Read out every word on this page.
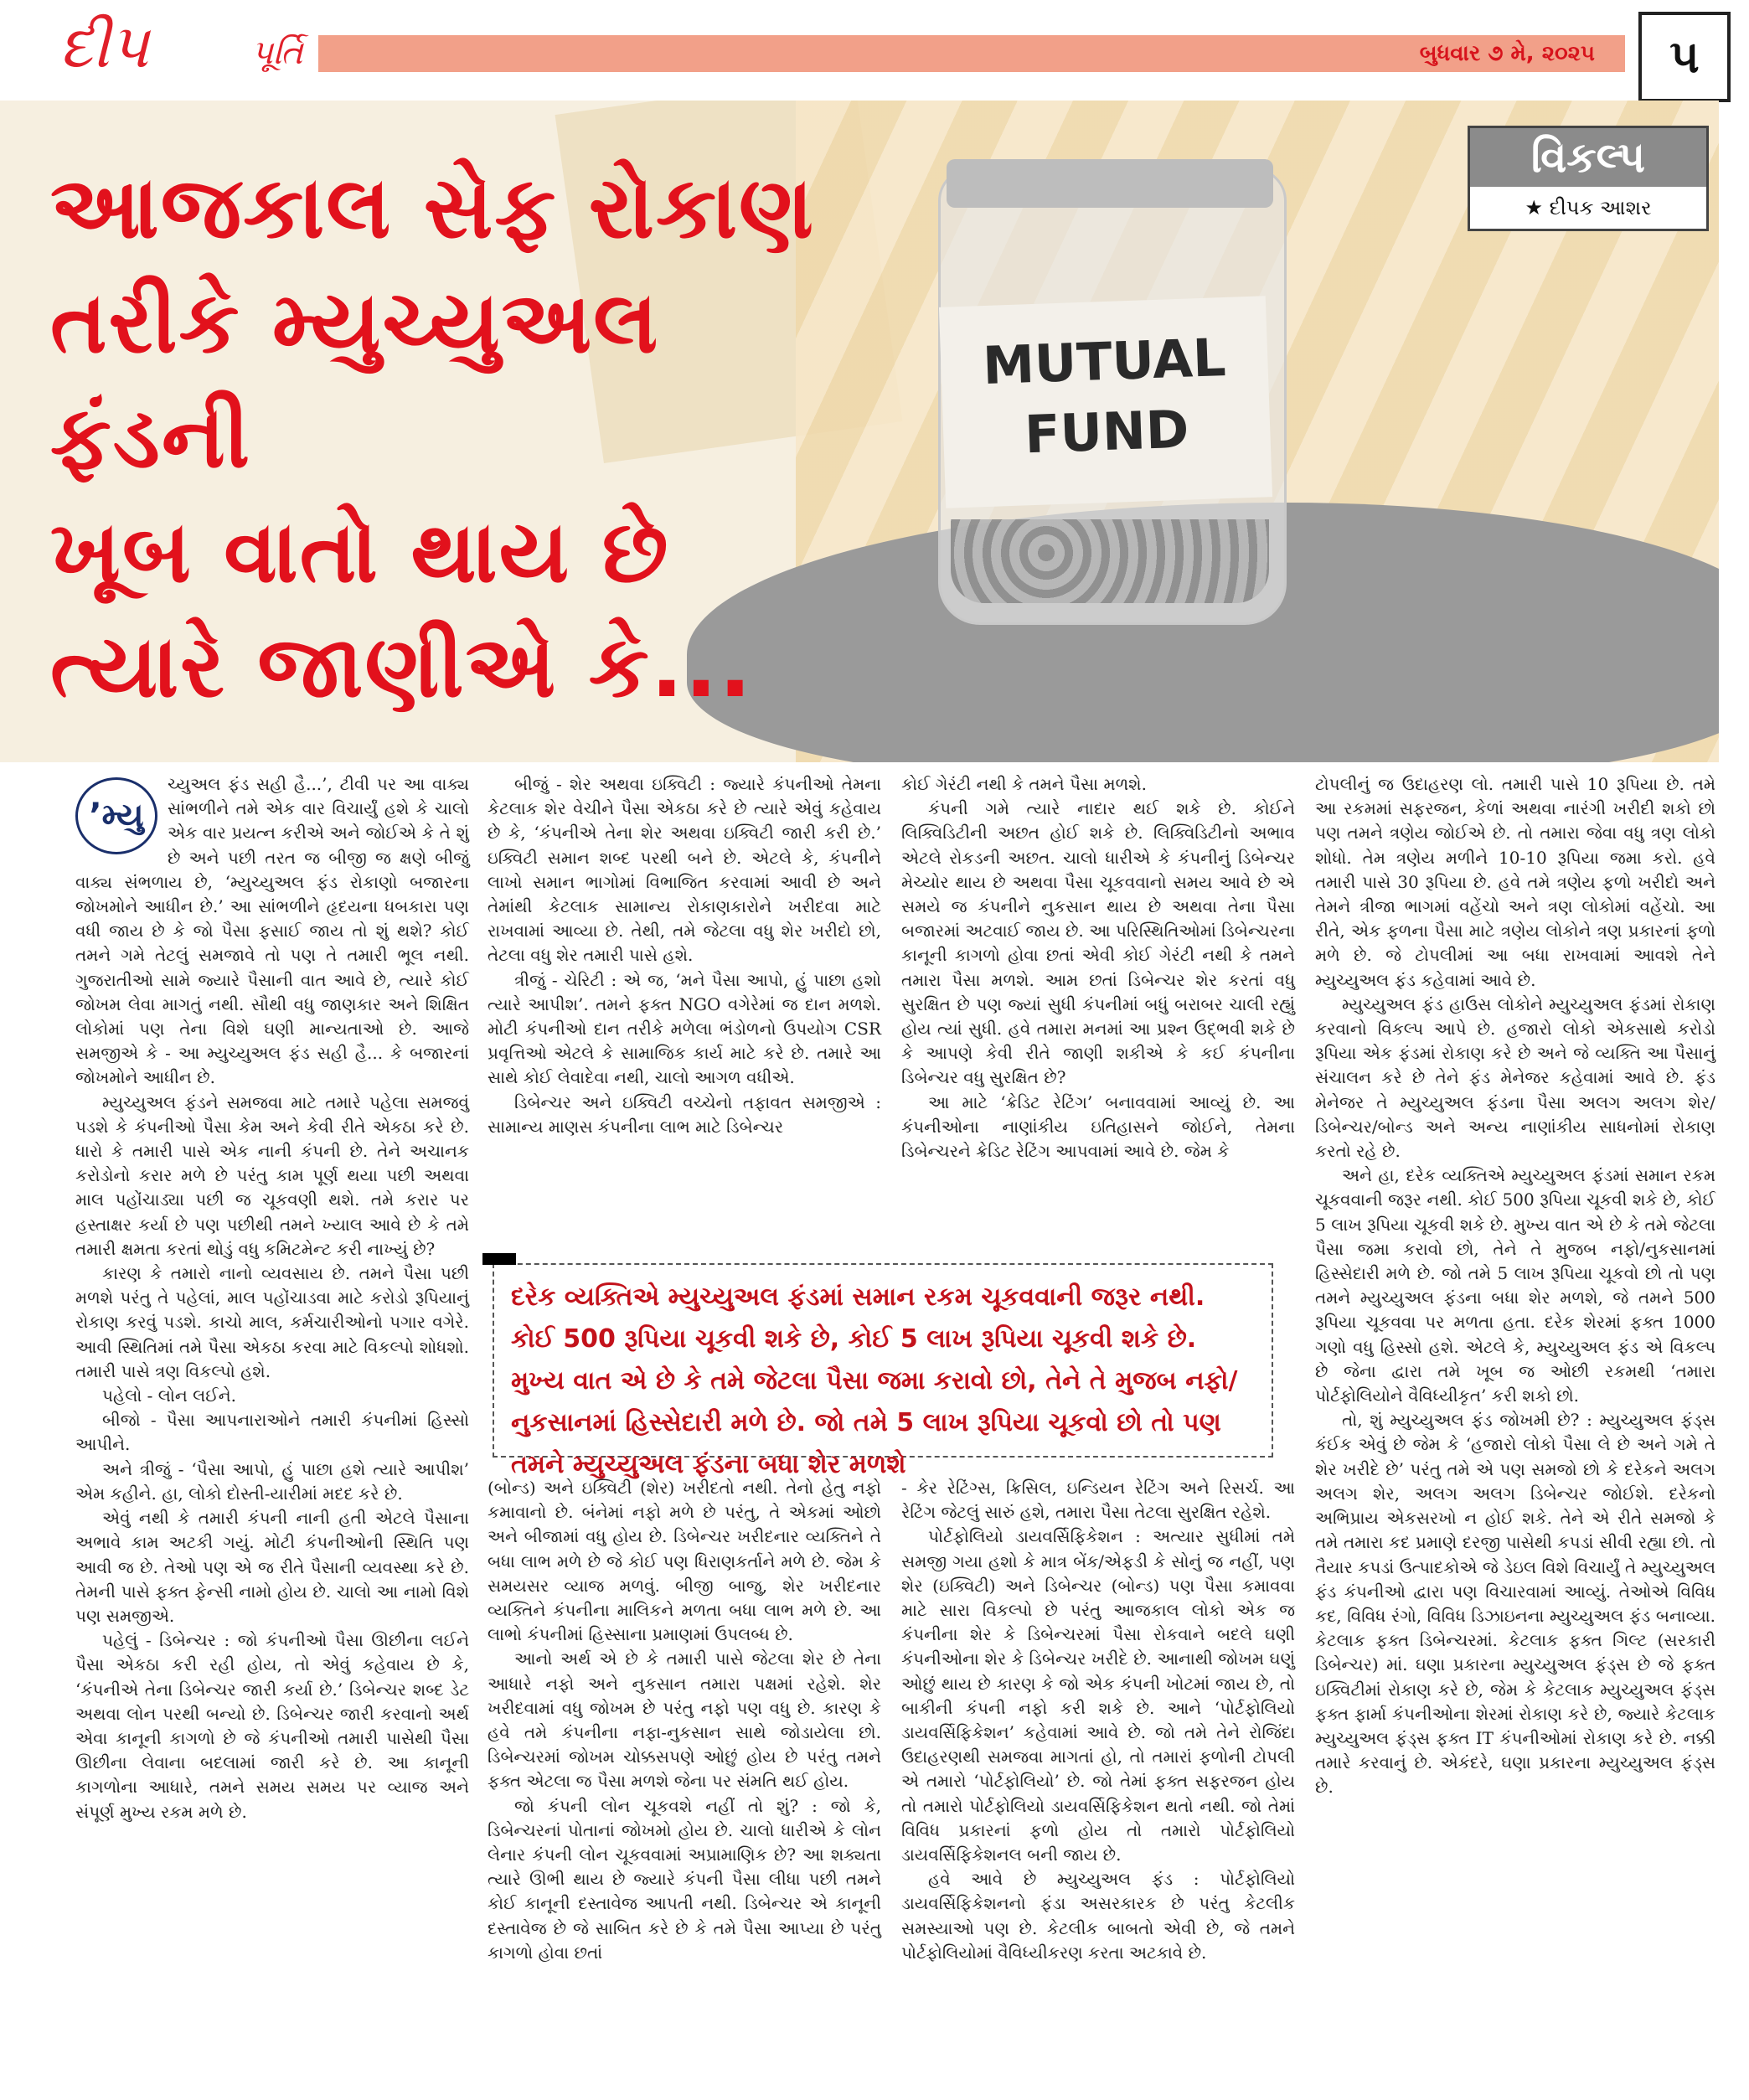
દીપ	પૂર્તિ	બુધવાર ૭ મે, ૨૦૨૫	૫
MUTUAL
FUND
આજકાલ સેફ રોકાણ
તરીકે મ્યુચ્યુઅલ ફંડની
ખૂબ વાતો થાય છે
ત્યારે જાણીએ કે...
વિકલ્પ
★ દીપક આશર
’મ્યુ

ચ્યુઅલ ફંડ સહી હૈ...’, ટીવી પર આ વાક્ય સાંભળીને તમે એક વાર વિચાર્યું હશે કે ચાલો એક વાર પ્રયત્ન કરીએ અને જોઈએ કે તે શું છે અને પછી તરત જ બીજી જ ક્ષણે બીજું વાક્ય સંભળાય છે, ‘મ્યુચ્યુઅલ ફંડ રોકાણો બજારના જોખમોને આધીન છે.’ આ સાંભળીને હૃદયના ધબકારા પણ વધી જાય છે કે જો પૈસા ફસાઈ જાય તો શું થશે? કોઈ તમને ગમે તેટલું સમજાવે તો પણ તે તમારી ભૂલ નથી. ગુજરાતીઓ સામે જ્યારે પૈસાની વાત આવે છે, ત્યારે કોઈ જોખમ લેવા માગતું નથી. સૌથી વધુ જાણકાર અને શિક્ષિત લોકોમાં પણ તેના વિશે ઘણી માન્યતાઓ છે. આજે સમજીએ કે - આ મ્યુચ્યુઅલ ફંડ સહી હૈ... કે બજારનાં જોખમોને આધીન છે.

મ્યુચ્યુઅલ ફંડને સમજવા માટે તમારે પહેલા સમજવું પડશે કે કંપનીઓ પૈસા કેમ અને કેવી રીતે એકઠા કરે છે. ધારો કે તમારી પાસે એક નાની કંપની છે. તેને અચાનક કરોડોનો કરાર મળે છે પરંતુ કામ પૂર્ણ થયા પછી અથવા માલ પહોંચાડ્યા પછી જ ચૂકવણી થશે. તમે કરાર પર હસ્તાક્ષર કર્યા છે પણ પછીથી તમને ખ્યાલ આવે છે કે તમે તમારી ક્ષમતા કરતાં થોડું વધુ કમિટમેન્ટ કરી નાખ્યું છે?

કારણ કે તમારો નાનો વ્યવસાય છે. તમને પૈસા પછી મળશે પરંતુ તે પહેલાં, માલ પહોંચાડવા માટે કરોડો રૂપિયાનું રોકાણ કરવું પડશે. કાચો માલ, કર્મચારીઓનો પગાર વગેરે. આવી સ્થિતિમાં તમે પૈસા એકઠા કરવા માટે વિકલ્પો શોધશો. તમારી પાસે ત્રણ વિકલ્પો હશે.

પહેલો - લોન લઈને.

બીજો - પૈસા આપનારાઓને તમારી કંપનીમાં હિસ્સો આપીને.

અને ત્રીજું - ‘પૈસા આપો, હું પાછા હશે ત્યારે આપીશ’ એમ કહીને. હા, લોકો દોસ્તી-યારીમાં મદદ કરે છે.

એવું નથી કે તમારી કંપની નાની હતી એટલે પૈસાના અભાવે કામ અટકી ગયું. મોટી કંપનીઓની સ્થિતિ પણ આવી જ છે. તેઓ પણ એ જ રીતે પૈસાની વ્યવસ્થા કરે છે. તેમની પાસે ફક્ત ફેન્સી નામો હોય છે. ચાલો આ નામો વિશે પણ સમજીએ.

પહેલું - ડિબેન્ચર : જો કંપનીઓ પૈસા ઊછીના લઈને પૈસા એકઠા કરી રહી હોય, તો એવું કહેવાય છે કે, ‘કંપનીએ તેના ડિબેન્ચર જારી કર્યા છે.’ ડિબેન્ચર શબ્દ ડેટ અથવા લોન પરથી બન્યો છે. ડિબેન્ચર જારી કરવાનો અર્થ એવા કાનૂની કાગળો છે જે કંપનીઓ તમારી પાસેથી પૈસા ઊછીના લેવાના બદલામાં જારી કરે છે. આ કાનૂની કાગળોના આધારે, તમને સમય સમય પર વ્યાજ અને સંપૂર્ણ મુખ્ય રકમ મળે છે.

બીજું - શેર અથવા ઇક્વિટી : જ્યારે કંપનીઓ તેમના કેટલાક શેર વેચીને પૈસા એકઠા કરે છે ત્યારે એવું કહેવાય છે કે, ‘કંપનીએ તેના શેર અથવા ઇક્વિટી જારી કરી છે.’ ઇક્વિટી સમાન શબ્દ પરથી બને છે. એટલે કે, કંપનીને લાખો સમાન ભાગોમાં વિભાજિત કરવામાં આવી છે અને તેમાંથી કેટલાક સામાન્ય રોકાણકારોને ખરીદવા માટે રાખવામાં આવ્યા છે. તેથી, તમે જેટલા વધુ શેર ખરીદો છો, તેટલા વધુ શેર તમારી પાસે હશે.

ત્રીજું - ચેરિટી : એ જ, ‘મને પૈસા આપો, હું પાછા હશો ત્યારે આપીશ’. તમને ફક્ત NGO વગેરેમાં જ દાન મળશે. મોટી કંપનીઓ દાન તરીકે મળેલા ભંડોળનો ઉપયોગ CSR પ્રવૃત્તિઓ એટલે કે સામાજિક કાર્ય માટે કરે છે. તમારે આ સાથે કોઈ લેવાદેવા નથી, ચાલો આગળ વધીએ.

ડિબેન્ચર અને ઇક્વિટી વચ્ચેનો તફાવત સમજીએ : સામાન્ય માણસ કંપનીના લાભ માટે ડિબેન્ચર

કોઈ ગેરંટી નથી કે તમને પૈસા મળશે.

કંપની ગમે ત્યારે નાદાર થઈ શકે છે. કોઈને લિક્વિડિટીની અછત હોઈ શકે છે. લિક્વિડિટીનો અભાવ એટલે રોકડની અછત. ચાલો ધારીએ કે કંપનીનું ડિબેન્ચર મેચ્યોર થાય છે અથવા પૈસા ચૂકવવાનો સમય આવે છે એ સમયે જ કંપનીને નુકસાન થાય છે અથવા તેના પૈસા બજારમાં અટવાઈ જાય છે. આ પરિસ્થિતિઓમાં ડિબેન્ચરના કાનૂની કાગળો હોવા છતાં એવી કોઈ ગેરંટી નથી કે તમને તમારા પૈસા મળશે. આમ છતાં ડિબેન્ચર શેર કરતાં વધુ સુરક્ષિત છે પણ જ્યાં સુધી કંપનીમાં બધું બરાબર ચાલી રહ્યું હોય ત્યાં સુધી. હવે તમારા મનમાં આ પ્રશ્ન ઉદ્ભવી શકે છે કે આપણે કેવી રીતે જાણી શકીએ કે કઈ કંપનીના ડિબેન્ચર વધુ સુરક્ષિત છે?

આ માટે ‘ક્રેડિટ રેટિંગ’ બનાવવામાં આવ્યું છે. આ કંપનીઓના નાણાંકીય ઇતિહાસને જોઈને, તેમના ડિબેન્ચરને ક્રેડિટ રેટિંગ આપવામાં આવે છે. જેમ કે

દરેક વ્યક્તિએ મ્યુચ્યુઅલ ફંડમાં સમાન રકમ ચૂકવવાની જરૂર નથી. કોઈ 500 રૂપિયા ચૂકવી શકે છે, કોઈ 5 લાખ રૂપિયા ચૂકવી શકે છે. મુખ્ય વાત એ છે કે તમે જેટલા પૈસા જમા કરાવો છો, તેને તે મુજબ નફો/નુકસાનમાં હિસ્સેદારી મળે છે. જો તમે 5 લાખ રૂપિયા ચૂકવો છો તો પણ તમને મ્યુચ્યુઅલ ફંડના બધા શેર મળશે

(બોન્ડ) અને ઇક્વિટી (શેર) ખરીદતો નથી. તેનો હેતુ નફો કમાવાનો છે. બંનેમાં નફો મળે છે પરંતુ, તે એકમાં ઓછો અને બીજામાં વધુ હોય છે. ડિબેન્ચર ખરીદનાર વ્યક્તિને તે બધા લાભ મળે છે જે કોઈ પણ ધિરાણકર્તાને મળે છે. જેમ કે સમયસર વ્યાજ મળવું. બીજી બાજુ, શેર ખરીદનાર વ્યક્તિને કંપનીના માલિકને મળતા બધા લાભ મળે છે. આ લાભો કંપનીમાં હિસ્સાના પ્રમાણમાં ઉપલબ્ધ છે.

આનો અર્થ એ છે કે તમારી પાસે જેટલા શેર છે તેના આધારે નફો અને નુકસાન તમારા પક્ષમાં રહેશે. શેર ખરીદવામાં વધુ જોખમ છે પરંતુ નફો પણ વધુ છે. કારણ કે હવે તમે કંપનીના નફા-નુકસાન સાથે જોડાયેલા છો. ડિબેન્ચરમાં જોખમ ચોક્કસપણે ઓછું હોય છે પરંતુ તમને ફક્ત એટલા જ પૈસા મળશે જેના પર સંમતિ થઈ હોય.

જો કંપની લોન ચૂકવશે નહીં તો શું? : જો કે, ડિબેન્ચરનાં પોતાનાં જોખમો હોય છે. ચાલો ધારીએ કે લોન લેનાર કંપની લોન ચૂકવવામાં અપ્રામાણિક છે? આ શક્યતા ત્યારે ઊભી થાય છે જ્યારે કંપની પૈસા લીધા પછી તમને કોઈ કાનૂની દસ્તાવેજ આપતી નથી. ડિબેન્ચર એ કાનૂની દસ્તાવેજ છે જે સાબિત કરે છે કે તમે પૈસા આપ્યા છે પરંતુ કાગળો હોવા છતાં

- કેર રેટિંગ્સ, ક્રિસિલ, ઇન્ડિયન રેટિંગ અને રિસર્ચ. આ રેટિંગ જેટલું સારું હશે, તમારા પૈસા તેટલા સુરક્ષિત રહેશે.

પોર્ટફોલિયો ડાયવર્સિફિકેશન : અત્યાર સુધીમાં તમે સમજી ગયા હશો કે માત્ર બેંક/એફડી કે સોનું જ નહીં, પણ શેર (ઇક્વિટી) અને ડિબેન્ચર (બોન્ડ) પણ પૈસા કમાવવા માટે સારા વિકલ્પો છે પરંતુ આજકાલ લોકો એક જ કંપનીના શેર કે ડિબેન્ચરમાં પૈસા રોકવાને બદલે ઘણી કંપનીઓના શેર કે ડિબેન્ચર ખરીદે છે. આનાથી જોખમ ઘણું ઓછું થાય છે કારણ કે જો એક કંપની ખોટમાં જાય છે, તો બાકીની કંપની નફો કરી શકે છે. આને ‘પોર્ટફોલિયો ડાયવર્સિફિકેશન’ કહેવામાં આવે છે. જો તમે તેને રોજિંદા ઉદાહરણથી સમજવા માગતાં હો, તો તમારાં ફળોની ટોપલી એ તમારો ‘પોર્ટફોલિયો’ છે. જો તેમાં ફક્ત સફરજન હોય તો તમારો પોર્ટફોલિયો ડાયવર્સિફિકેશન થતો નથી. જો તેમાં વિવિધ પ્રકારનાં ફળો હોય તો તમારો પોર્ટફોલિયો ડાયવર્સિફિકેશનલ બની જાય છે.

હવે આવે છે મ્યુચ્યુઅલ ફંડ : પોર્ટફોલિયો ડાયવર્સિફિકેશનનો ફંડા અસરકારક છે પરંતુ કેટલીક સમસ્યાઓ પણ છે. કેટલીક બાબતો એવી છે, જે તમને પોર્ટફોલિયોમાં વૈવિધ્યીકરણ કરતા અટકાવે છે.

ટોપલીનું જ ઉદાહરણ લો. તમારી પાસે 10 રૂપિયા છે. તમે આ રકમમાં સફરજન, કેળાં અથવા નારંગી ખરીદી શકો છો પણ તમને ત્રણેય જોઈએ છે. તો તમારા જેવા વધુ ત્રણ લોકો શોધો. તેમ ત્રણેય મળીને 10-10 રૂપિયા જમા કરો. હવે તમારી પાસે 30 રૂપિયા છે. હવે તમે ત્રણેય ફળો ખરીદો અને તેમને ત્રીજા ભાગમાં વહેંચો અને ત્રણ લોકોમાં વહેંચો. આ રીતે, એક ફળના પૈસા માટે ત્રણેય લોકોને ત્રણ પ્રકારનાં ફળો મળે છે. જે ટોપલીમાં આ બધા રાખવામાં આવશે તેને મ્યુચ્યુઅલ ફંડ કહેવામાં આવે છે.

મ્યુચ્યુઅલ ફંડ હાઉસ લોકોને મ્યુચ્યુઅલ ફંડમાં રોકાણ કરવાનો વિકલ્પ આપે છે. હજારો લોકો એકસાથે કરોડો રૂપિયા એક ફંડમાં રોકાણ કરે છે અને જે વ્યક્તિ આ પૈસાનું સંચાલન કરે છે તેને ફંડ મેનેજર કહેવામાં આવે છે. ફંડ મેનેજર તે મ્યુચ્યુઅલ ફંડના પૈસા અલગ અલગ શેર/ડિબેન્ચર/બોન્ડ અને અન્ય નાણાંકીય સાધનોમાં રોકાણ કરતો રહે છે.

અને હા, દરેક વ્યક્તિએ મ્યુચ્યુઅલ ફંડમાં સમાન રકમ ચૂકવવાની જરૂર નથી. કોઈ 500 રૂપિયા ચૂકવી શકે છે, કોઈ 5 લાખ રૂપિયા ચૂકવી શકે છે. મુખ્ય વાત એ છે કે તમે જેટલા પૈસા જમા કરાવો છો, તેને તે મુજબ નફો/નુકસાનમાં હિસ્સેદારી મળે છે. જો તમે 5 લાખ રૂપિયા ચૂકવો છો તો પણ તમને મ્યુચ્યુઅલ ફંડના બધા શેર મળશે, જે તમને 500 રૂપિયા ચૂકવવા પર મળતા હતા. દરેક શેરમાં ફક્ત 1000 ગણો વધુ હિસ્સો હશે. એટલે કે, મ્યુચ્યુઅલ ફંડ એ વિકલ્પ છે જેના દ્વારા તમે ખૂબ જ ઓછી રકમથી ‘તમારા પોર્ટફોલિયોને વૈવિધ્યીકૃત’ કરી શકો છો.

તો, શું મ્યુચ્યુઅલ ફંડ જોખમી છે? : મ્યુચ્યુઅલ ફંડ્સ કંઈક એવું છે જેમ કે ‘હજારો લોકો પૈસા લે છે અને ગમે તે શેર ખરીદે છે’ પરંતુ તમે એ પણ સમજો છો કે દરેકને અલગ અલગ શેર, અલગ અલગ ડિબેન્ચર જોઈશે. દરેકનો અભિપ્રાય એકસરખો ન હોઈ શકે. તેને એ રીતે સમજો કે તમે તમારા કદ પ્રમાણે દરજી પાસેથી કપડાં સીવી રહ્યા છો. તો તૈયાર કપડાં ઉત્પાદકોએ જે ડેઇલ વિશે વિચાર્યું તે મ્યુચ્યુઅલ ફંડ કંપનીઓ દ્વારા પણ વિચારવામાં આવ્યું. તેઓએ વિવિધ કદ, વિવિધ રંગો, વિવિધ ડિઝાઇનના મ્યુચ્યુઅલ ફંડ બનાવ્યા. કેટલાક ફક્ત ડિબેન્ચરમાં. કેટલાક ફક્ત ગિલ્ટ (સરકારી ડિબેન્ચર) માં. ઘણા પ્રકારના મ્યુચ્યુઅલ ફંડ્સ છે જે ફક્ત ઇક્વિટીમાં રોકાણ કરે છે, જેમ કે કેટલાક મ્યુચ્યુઅલ ફંડ્સ ફક્ત ફાર્મા કંપનીઓના શેરમાં રોકાણ કરે છે, જ્યારે કેટલાક મ્યુચ્યુઅલ ફંડ્સ ફક્ત IT કંપનીઓમાં રોકાણ કરે છે. નક્કી તમારે કરવાનું છે. એકંદરે, ઘણા પ્રકારના મ્યુચ્યુઅલ ફંડ્સ છે.
